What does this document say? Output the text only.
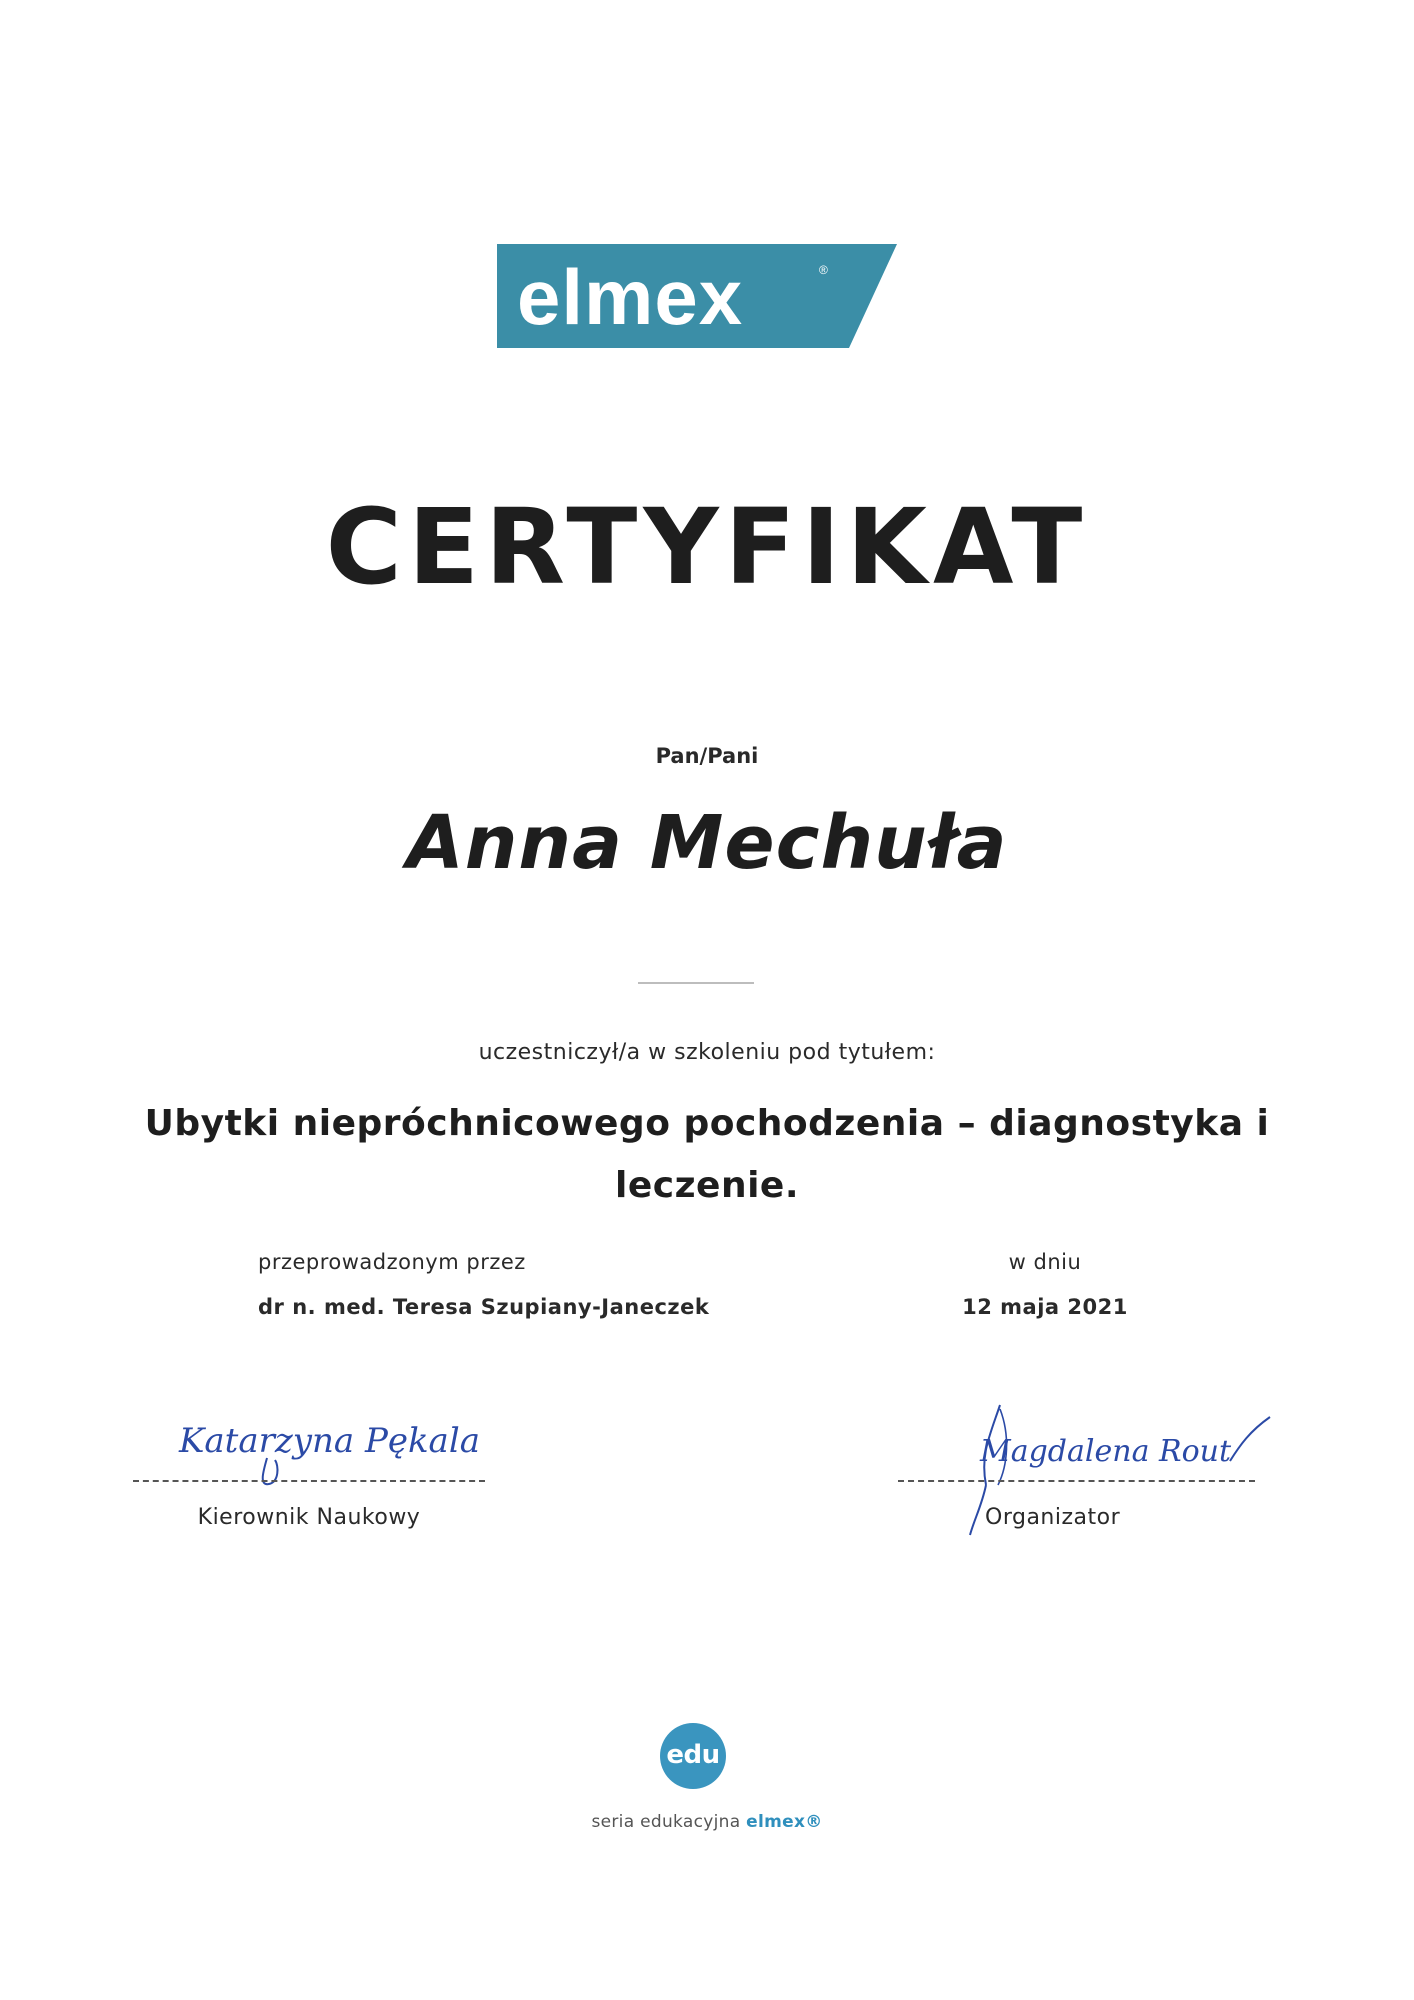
elmex	®
CERTYFIKAT
Pan/Pani
Anna Mechuła
uczestniczył/a w szkoleniu pod tytułem:
Ubytki niepróchnicowego pochodzenia – diagnostyka i leczenie.
przeprowadzonym przez
dr n. med. Teresa Szupiany-Janeczek
w dniu
12 maja 2021
Katarzyna Pękala
Kierownik Naukowy
Magdalena Rout
Organizator
edu
seria edukacyjna elmex®
